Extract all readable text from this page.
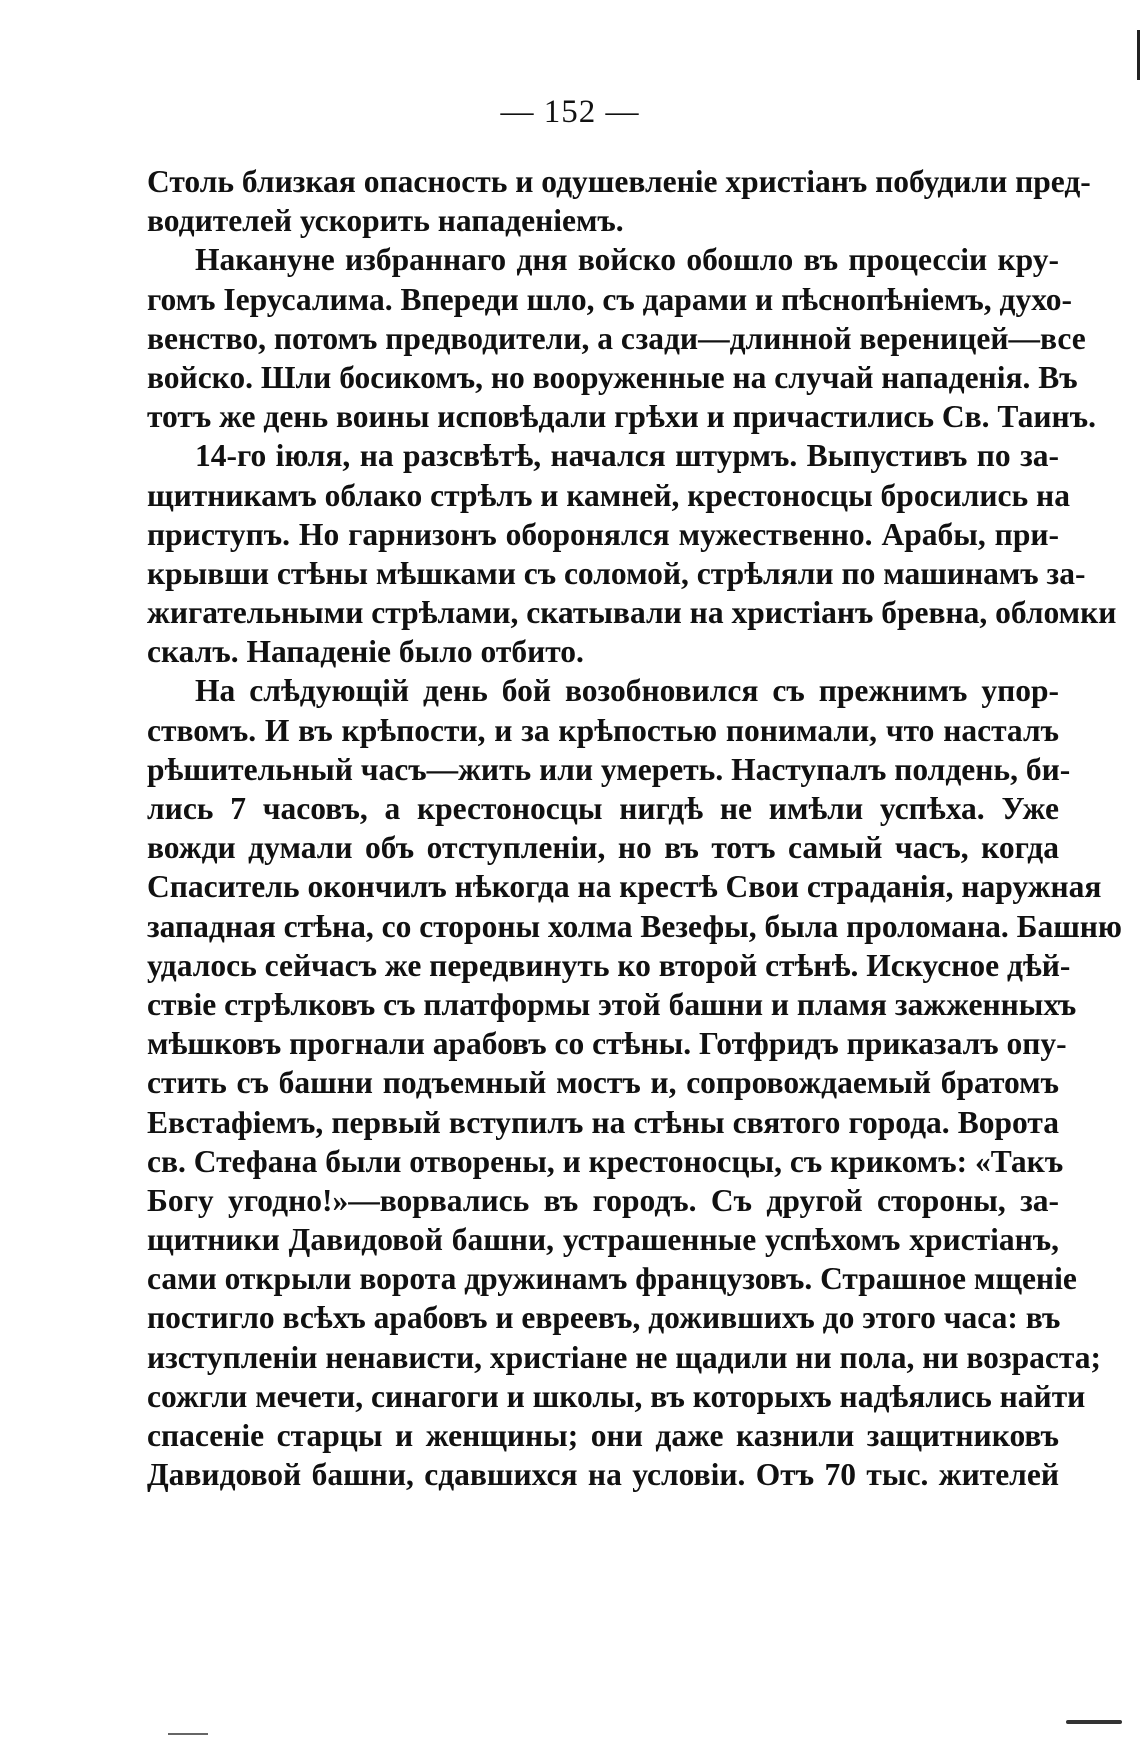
— 152 —
Столь близкая опасность и одушевленіе христіанъ побудили пред-
водителей ускорить нападеніемъ.
Накануне избраннаго дня войско обошло въ процессіи кру-
гомъ Іерусалима. Впереди шло, съ дарами и пѣснопѣніемъ, духо-
венство, потомъ предводители, а сзади—длинной вереницей—все
войско. Шли босикомъ, но вооруженные на случай нападенія. Въ
тотъ же день воины исповѣдали грѣхи и причастились Св. Таинъ.
14-го іюля, на разсвѣтѣ, начался штурмъ. Выпустивъ по за-
щитникамъ облако стрѣлъ и камней, крестоносцы бросились на
приступъ. Но гарнизонъ оборонялся мужественно. Арабы, при-
крывши стѣны мѣшками съ соломой, стрѣляли по машинамъ за-
жигательными стрѣлами, скатывали на христіанъ бревна, обломки
скалъ. Нападеніе было отбито.
На слѣдующій день бой возобновился съ прежнимъ упор-
ствомъ. И въ крѣпости, и за крѣпостью понимали, что насталъ
рѣшительный часъ—жить или умереть. Наступалъ полдень, би-
лись 7 часовъ, а крестоносцы нигдѣ не имѣли успѣха. Уже
вожди думали объ отступленіи, но въ тотъ самый часъ, когда
Спаситель окончилъ нѣкогда на крестѣ Свои страданія, наружная
западная стѣна, со стороны холма Везефы, была проломана. Башню
удалось сейчасъ же передвинуть ко второй стѣнѣ. Искусное дѣй-
ствіе стрѣлковъ съ платформы этой башни и пламя зажженныхъ
мѣшковъ прогнали арабовъ со стѣны. Готфридъ приказалъ опу-
стить съ башни подъемный мостъ и, сопровождаемый братомъ
Евстафіемъ, первый вступилъ на стѣны святого города. Ворота
св. Стефана были отворены, и крестоносцы, съ крикомъ: «Такъ
Богу угодно!»—ворвались въ городъ. Съ другой стороны, за-
щитники Давидовой башни, устрашенные успѣхомъ христіанъ,
сами открыли ворота дружинамъ французовъ. Страшное мщеніе
постигло всѣхъ арабовъ и евреевъ, дожившихъ до этого часа: въ
изступленіи ненависти, христіане не щадили ни пола, ни возраста;
сожгли мечети, синагоги и школы, въ которыхъ надѣялись найти
спасеніе старцы и женщины; они даже казнили защитниковъ
Давидовой башни, сдавшихся на условіи. Отъ 70 тыс. жителей
